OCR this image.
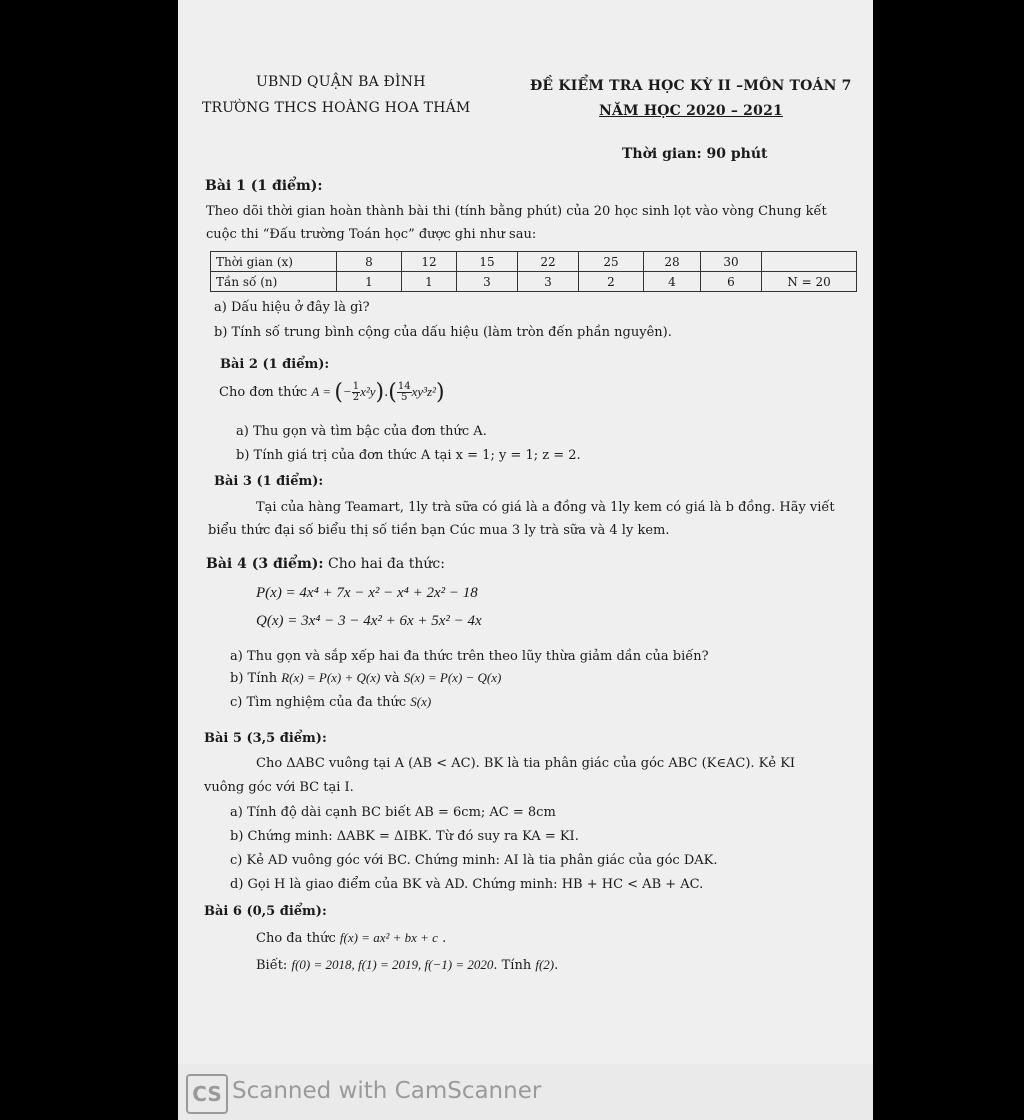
UBND QUẬN BA ĐÌNH
TRƯỜNG THCS HOÀNG HOA THÁM
ĐỀ KIỂM TRA HỌC KỲ II –MÔN TOÁN 7
NĂM HỌC 2020 – 2021
Thời gian: 90 phút
Bài 1 (1 điểm):
Theo dõi thời gian hoàn thành bài thi (tính bằng phút) của 20 học sinh lọt vào vòng Chung kết
cuộc thi “Đấu trường Toán học” được ghi như sau:
Thời gian (x)	8	12	15	22	25	28	30	
Tần số (n)	1	1	3	3	2	4	6	N = 20
a) Dấu hiệu ở đây là gì?
b) Tính số trung bình cộng của dấu hiệu (làm tròn đến phần nguyên).
Bài 2 (1 điểm):
Cho đơn thức A = (− $\frac{1}{2} x^2y).( \frac{14}{5} xy^3z^2)$
a) Thu gọn và tìm bậc của đơn thức A.
b) Tính giá trị của đơn thức A tại x = 1; y = 1; z = 2.
Bài 3 (1 điểm):
Tại của hàng Teamart, 1ly trà sữa có giá là a đồng và 1ly kem có giá là b đồng. Hãy viết
biểu thức đại số biểu thị số tiền bạn Cúc mua 3 ly trà sữa và 4 ly kem.
Bài 4 (3 điểm): Cho hai đa thức:
P(x) = 4x⁴ + 7x − x² − x⁴ + 2x² − 18
Q(x) = 3x⁴ − 3 − 4x² + 6x + 5x² − 4x
a) Thu gọn và sắp xếp hai đa thức trên theo lũy thừa giảm dần của biến?
b) Tính R(x) = P(x) + Q(x) và S(x) = P(x) − Q(x)
c) Tìm nghiệm của đa thức S(x)
Bài 5 (3,5 điểm):
Cho ΔABC vuông tại A (AB < AC). BK là tia phân giác của góc ABC (K∈AC). Kẻ KI
vuông góc với BC tại I.
a) Tính độ dài cạnh BC biết AB = 6cm; AC = 8cm
b) Chứng minh: ΔABK = ΔIBK. Từ đó suy ra KA = KI.
c) Kẻ AD vuông góc với BC. Chứng minh: AI là tia phân giác của góc DAK.
d) Gọi H là giao điểm của BK và AD. Chứng minh: HB + HC < AB + AC.
Bài 6 (0,5 điểm):
Cho đa thức f(x) = ax² + bx + c .
Biết: f(0) = 2018, f(1) = 2019, f(−1) = 2020. Tính f(2).
CS Scanned with CamScanner
